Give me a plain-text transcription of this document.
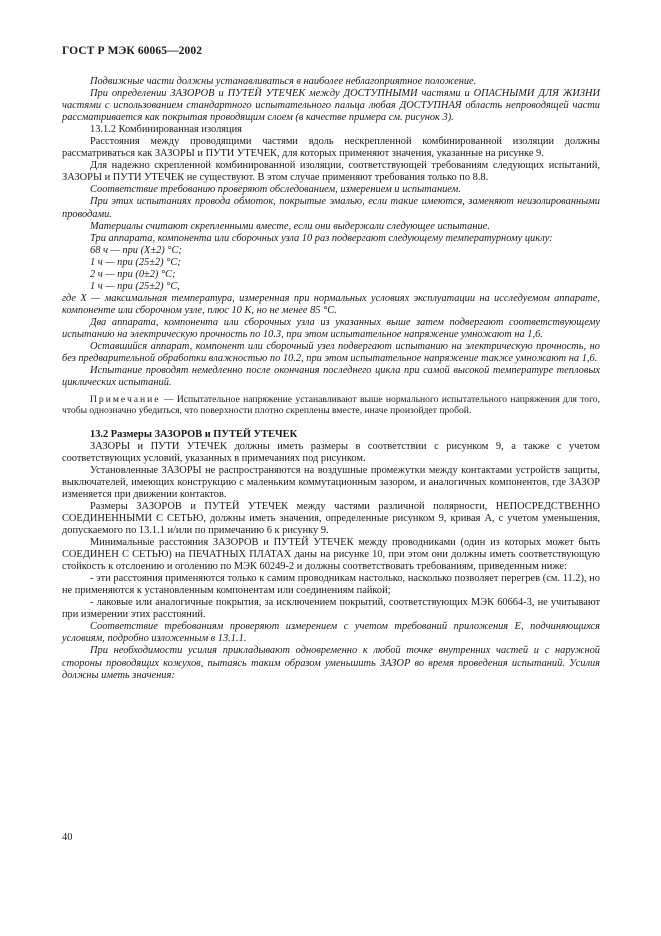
ГОСТ Р МЭК 60065—2002

Подвижные части должны устанавливаться в наиболее неблагоприятное положение.

При определении ЗАЗОРОВ и ПУТЕЙ УТЕЧЕК между ДОСТУПНЫМИ частями и ОПАСНЫМИ ДЛЯ ЖИЗНИ частями с использованием стандартного испытательного пальца любая ДОСТУПНАЯ область непроводящей части рассматривается как покрытая проводящим слоем (в качестве примера см. рисунок 3).

13.1.2 Комбинированная изоляция

Расстояния между проводящими частями вдоль нескрепленной комбинированной изоляции должны рассматриваться как ЗАЗОРЫ и ПУТИ УТЕЧЕК, для которых применяют значения, указанные на рисунке 9.

Для надежно скрепленной комбинированной изоляции, соответствующей требованиям следующих испытаний, ЗАЗОРЫ и ПУТИ УТЕЧЕК не существуют. В этом случае применяют требования только по 8.8.

Соответствие требованию проверяют обследованием, измерением и испытанием.

При этих испытаниях провода обмоток, покрытые эмалью, если такие имеются, заменяют неизолированными проводами.

Материалы считают скрепленными вместе, если они выдержали следующее испытание.

Три аппарата, компонента или сборочных узла 10 раз подвергают следующему температурному циклу:

68 ч — при (X±2) °С;

1 ч — при (25±2) °С;

2 ч — при (0±2) °С;

1 ч — при (25±2) °С,

где X — максимальная температура, измеренная при нормальных условиях эксплуатации на исследуемом аппарате, компоненте или сборочном узле, плюс 10 K, но не менее 85 °С.

Два аппарата, компонента или сборочных узла из указанных выше затем подвергают соответствующему испытанию на электрическую прочность по 10.3, при этом испытательное напряжение умножают на 1,6.

Оставшийся аппарат, компонент или сборочный узел подвергают испытанию на электрическую прочность, но без предварительной обработки влажностью по 10.2, при этом испытательное напряжение также умножают на 1,6.

Испытание проводят немедленно после окончания последнего цикла при самой высокой температуре тепловых циклических испытаний.

Примечание — Испытательное напряжение устанавливают выше нормального испытательного напряжения для того, чтобы однозначно убедиться, что поверхности плотно скреплены вместе, иначе произойдет пробой.

13.2 Размеры ЗАЗОРОВ и ПУТЕЙ УТЕЧЕК

ЗАЗОРЫ и ПУТИ УТЕЧЕК должны иметь размеры в соответствии с рисунком 9, а также с учетом соответствующих условий, указанных в примечаниях под рисунком.

Установленные ЗАЗОРЫ не распространяются на воздушные промежутки между контактами устройств защиты, выключателей, имеющих конструкцию с маленьким коммутационным зазором, и аналогичных компонентов, где ЗАЗОР изменяется при движении контактов.

Размеры ЗАЗОРОВ и ПУТЕЙ УТЕЧЕК между частями различной полярности, НЕПОСРЕДСТВЕННО СОЕДИНЕННЫМИ С СЕТЬЮ, должны иметь значения, определенные рисунком 9, кривая А, с учетом уменьшения, допускаемого по 13.1.1 и/или по примечанию 6 к рисунку 9.

Минимальные расстояния ЗАЗОРОВ и ПУТЕЙ УТЕЧЕК между проводниками (один из которых может быть СОЕДИНЕН С СЕТЬЮ) на ПЕЧАТНЫХ ПЛАТАХ даны на рисунке 10, при этом они должны иметь соответствующую стойкость к отслоению и оголению по МЭК 60249-2 и должны соответствовать требованиям, приведенным ниже:

- эти расстояния применяются только к самим проводникам настолько, насколько позволяет перегрев (см. 11.2), но не применяются к установленным компонентам или соединениям пайкой;

- лаковые или аналогичные покрытия, за исключением покрытий, соответствующих МЭК 60664-3, не учитывают при измерении этих расстояний.

Соответствие требованиям проверяют измерением с учетом требований приложения Е, подчиняющихся условиям, подробно изложенным в 13.1.1.

При необходимости усилия прикладывают одновременно к любой точке внутренних частей и с наружной стороны проводящих кожухов, пытаясь таким образом уменьшить ЗАЗОР во время проведения испытаний. Усилия должны иметь значения:

40
